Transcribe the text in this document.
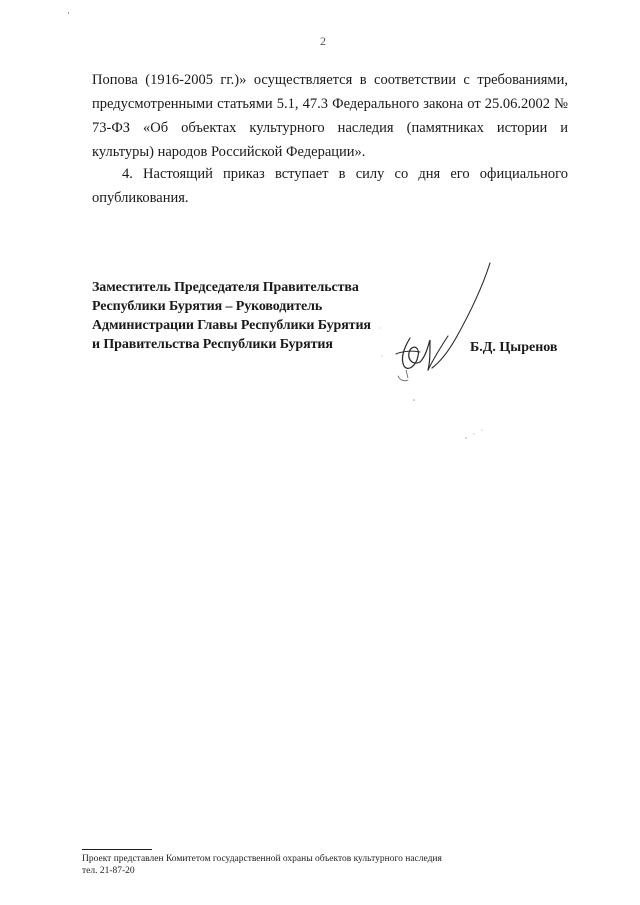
2
Попова (1916-2005 гг.)» осуществляется в соответствии с требованиями,
предусмотренными статьями 5.1, 47.3 Федерального закона от 25.06.2002 №
73-ФЗ «Об объектах культурного наследия (памятниках истории и
культуры) народов Российской Федерации».
4. Настоящий приказ вступает в силу со дня его официального опубликования.
Заместитель Председателя Правительства
Республики Бурятия – Руководитель
Администрации Главы Республики Бурятия
и Правительства Республики Бурятия	Б.Д. Цыренов
Проект представлен Комитетом государственной охраны объектов культурного наследия
тел. 21-87-20
